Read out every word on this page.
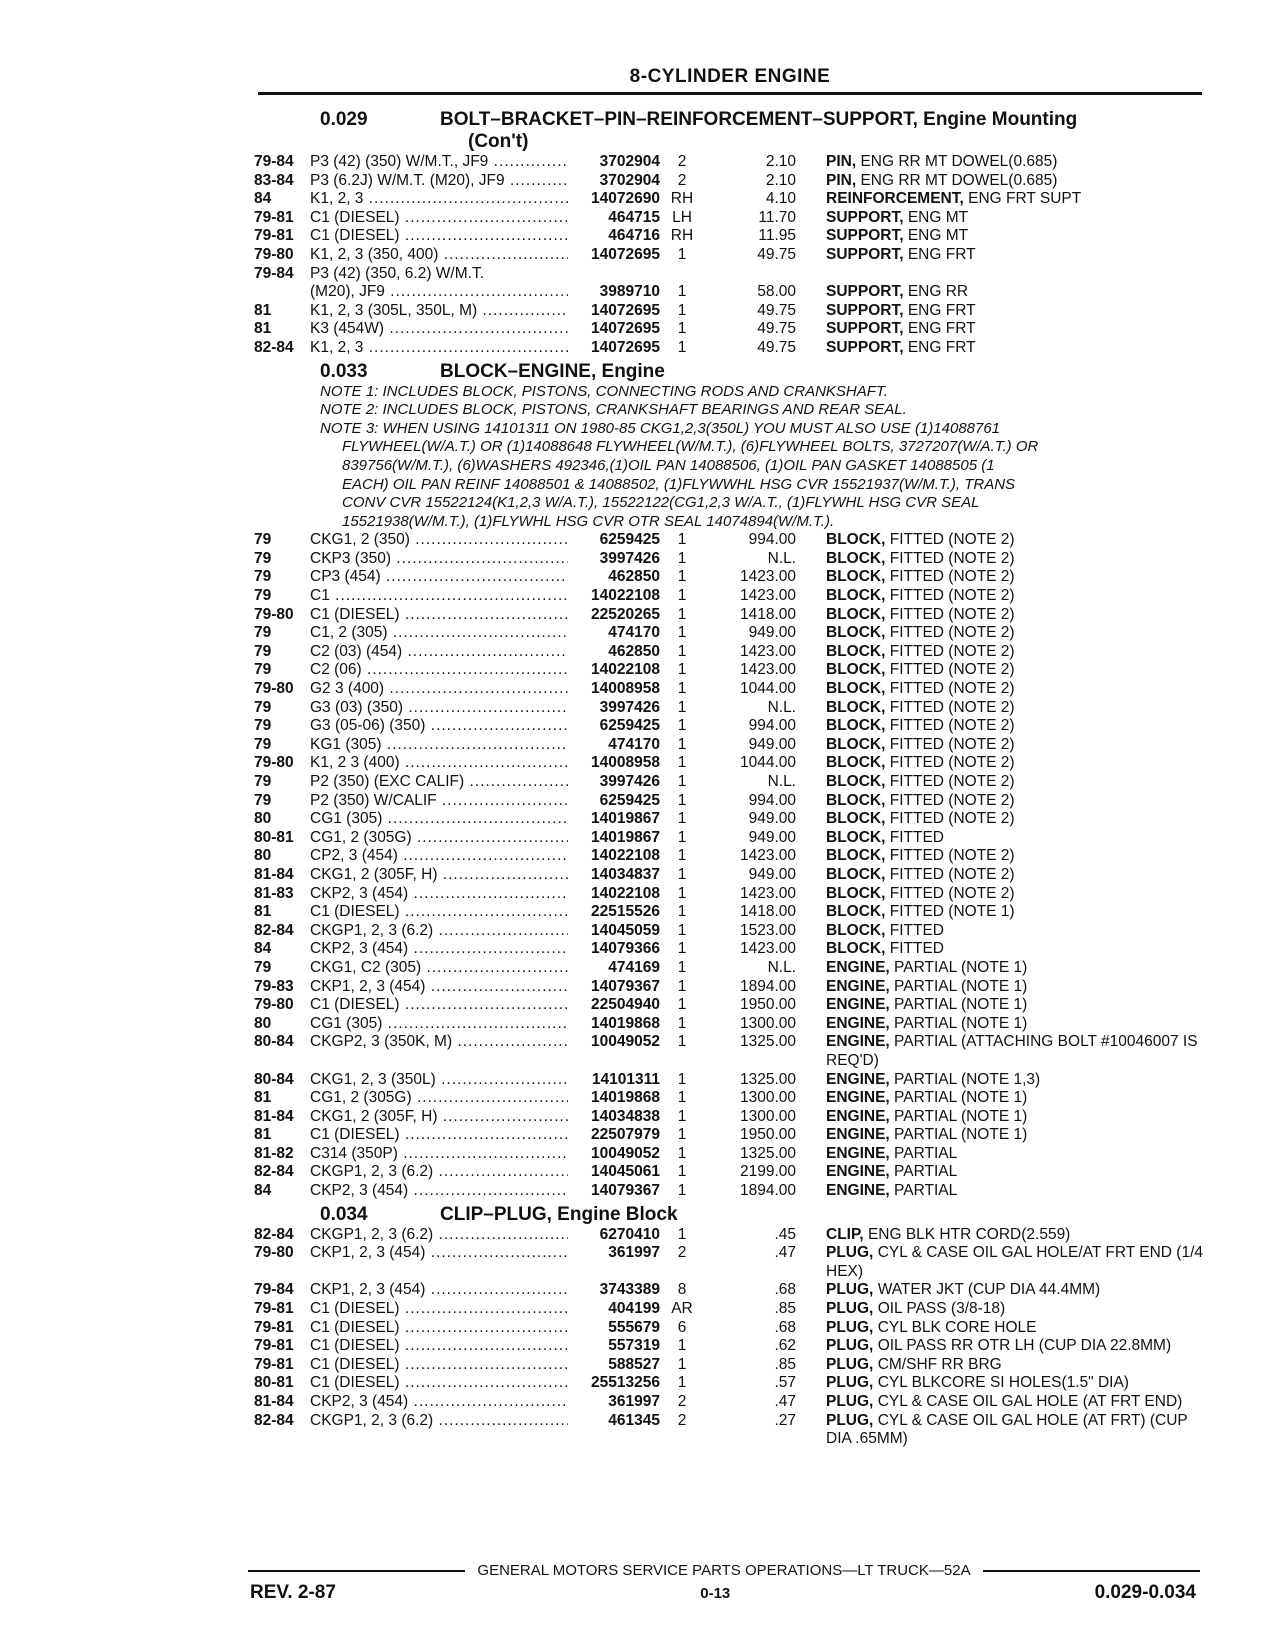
8-CYLINDER ENGINE
0.029	BOLT–BRACKET–PIN–REINFORCEMENT–SUPPORT, Engine Mounting
(Con't)
79-84	P3 (42) (350) W/M.T., JF9 .....	3702904	2	2.10	PIN, ENG RR MT DOWEL(0.685)
83-84	P3 (6.2J) W/M.T. (M20), JF9 .....	3702904	2	2.10	PIN, ENG RR MT DOWEL(0.685)
84	K1, 2, 3 .....	14072690 RH	4.10	REINFORCEMENT, ENG FRT SUPT
79-81	C1 (DIESEL) .....	464715 LH	11.70	SUPPORT, ENG MT
79-81	C1 (DIESEL) .....	464716 RH	11.95	SUPPORT, ENG MT
79-80	K1, 2, 3 (350, 400) .....	14072695	1	49.75	SUPPORT, ENG FRT
79-84	P3 (42) (350, 6.2) W/M.T.
(M20), JF9 .....	3989710	1	58.00	SUPPORT, ENG RR
81	K1, 2, 3 (305L, 350L, M) .....	14072695	1	49.75	SUPPORT, ENG FRT
81	K3 (454W) .....	14072695	1	49.75	SUPPORT, ENG FRT
82-84	K1, 2, 3 .....	14072695	1	49.75	SUPPORT, ENG FRT
0.033	BLOCK–ENGINE, Engine
NOTE 1: INCLUDES BLOCK, PISTONS, CONNECTING RODS AND CRANKSHAFT.
NOTE 2: INCLUDES BLOCK, PISTONS, CRANKSHAFT BEARINGS AND REAR SEAL.
NOTE 3: WHEN USING 14101311 ON 1980-85 CKG1,2,3(350L) YOU MUST ALSO USE (1)14088761
FLYWHEEL(W/A.T.) OR (1)14088648 FLYWHEEL(W/M.T.), (6)FLYWHEEL BOLTS, 3727207(W/A.T.) OR
839756(W/M.T.), (6)WASHERS 492346,(1)OIL PAN 14088506, (1)OIL PAN GASKET 14088505 (1
EACH) OIL PAN REINF 14088501 & 14088502, (1)FLYWWHL HSG CVR 15521937(W/M.T.), TRANS
CONV CVR 15522124(K1,2,3 W/A.T.), 15522122(CG1,2,3 W/A.T., (1)FLYWHL HSG CVR SEAL
15521938(W/M.T.), (1)FLYWHL HSG CVR OTR SEAL 14074894(W/M.T.).
79	CKG1, 2 (350) .....	6259425	1	994.00	BLOCK, FITTED (NOTE 2)
79	CKP3 (350) .....	3997426	1	N.L.	BLOCK, FITTED (NOTE 2)
79	CP3 (454) .....	462850	1	1423.00	BLOCK, FITTED (NOTE 2)
79	C1 .....	14022108	1	1423.00	BLOCK, FITTED (NOTE 2)
79-80	C1 (DIESEL) .....	22520265	1	1418.00	BLOCK, FITTED (NOTE 2)
79	C1, 2 (305) .....	474170	1	949.00	BLOCK, FITTED (NOTE 2)
79	C2 (03) (454) .....	462850	1	1423.00	BLOCK, FITTED (NOTE 2)
79	C2 (06) .....	14022108	1	1423.00	BLOCK, FITTED (NOTE 2)
79-80	G2 3 (400) .....	14008958	1	1044.00	BLOCK, FITTED (NOTE 2)
79	G3 (03) (350) .....	3997426	1	N.L.	BLOCK, FITTED (NOTE 2)
79	G3 (05-06) (350) .....	6259425	1	994.00	BLOCK, FITTED (NOTE 2)
79	KG1 (305) .....	474170	1	949.00	BLOCK, FITTED (NOTE 2)
79-80	K1, 2 3 (400) .....	14008958	1	1044.00	BLOCK, FITTED (NOTE 2)
79	P2 (350) (EXC CALIF) .....	3997426	1	N.L.	BLOCK, FITTED (NOTE 2)
79	P2 (350) W/CALIF .....	6259425	1	994.00	BLOCK, FITTED (NOTE 2)
80	CG1 (305) .....	14019867	1	949.00	BLOCK, FITTED (NOTE 2)
80-81	CG1, 2 (305G) .....	14019867	1	949.00	BLOCK, FITTED
80	CP2, 3 (454) .....	14022108	1	1423.00	BLOCK, FITTED (NOTE 2)
81-84	CKG1, 2 (305F, H) .....	14034837	1	949.00	BLOCK, FITTED (NOTE 2)
81-83	CKP2, 3 (454) .....	14022108	1	1423.00	BLOCK, FITTED (NOTE 2)
81	C1 (DIESEL) .....	22515526	1	1418.00	BLOCK, FITTED (NOTE 1)
82-84	CKGP1, 2, 3 (6.2) .....	14045059	1	1523.00	BLOCK, FITTED
84	CKP2, 3 (454) .....	14079366	1	1423.00	BLOCK, FITTED
79	CKG1, C2 (305) .....	474169	1	N.L.	ENGINE, PARTIAL (NOTE 1)
79-83	CKP1, 2, 3 (454) .....	14079367	1	1894.00	ENGINE, PARTIAL (NOTE 1)
79-80	C1 (DIESEL) .....	22504940	1	1950.00	ENGINE, PARTIAL (NOTE 1)
80	CG1 (305) .....	14019868	1	1300.00	ENGINE, PARTIAL (NOTE 1)
80-84	CKGP2, 3 (350K, M) .....	10049052	1	1325.00	ENGINE, PARTIAL (ATTACHING BOLT #10046007 IS REQ'D)
80-84	CKG1, 2, 3 (350L) .....	14101311	1	1325.00	ENGINE, PARTIAL (NOTE 1,3)
81	CG1, 2 (305G) .....	14019868	1	1300.00	ENGINE, PARTIAL (NOTE 1)
81-84	CKG1, 2 (305F, H) .....	14034838	1	1300.00	ENGINE, PARTIAL (NOTE 1)
81	C1 (DIESEL) .....	22507979	1	1950.00	ENGINE, PARTIAL (NOTE 1)
81-82	C314 (350P) .....	10049052	1	1325.00	ENGINE, PARTIAL
82-84	CKGP1, 2, 3 (6.2) .....	14045061	1	2199.00	ENGINE, PARTIAL
84	CKP2, 3 (454) .....	14079367	1	1894.00	ENGINE, PARTIAL
0.034	CLIP–PLUG, Engine Block
82-84	CKGP1, 2, 3 (6.2) .....	6270410	1	.45	CLIP, ENG BLK HTR CORD(2.559)
79-80	CKP1, 2, 3 (454) .....	361997	2	.47	PLUG, CYL & CASE OIL GAL HOLE/AT FRT END (1/4 HEX)
79-84	CKP1, 2, 3 (454) .....	3743389	8	.68	PLUG, WATER JKT (CUP DIA 44.4MM)
79-81	C1 (DIESEL) .....	404199 AR	.85	PLUG, OIL PASS (3/8-18)
79-81	C1 (DIESEL) .....	555679	6	.68	PLUG, CYL BLK CORE HOLE
79-81	C1 (DIESEL) .....	557319	1	.62	PLUG, OIL PASS RR OTR LH (CUP DIA 22.8MM)
79-81	C1 (DIESEL) .....	588527	1	.85	PLUG, CM/SHF RR BRG
80-81	C1 (DIESEL) .....	25513256	1	.57	PLUG, CYL BLKCORE SI HOLES(1.5" DIA)
81-84	CKP2, 3 (454) .....	361997	2	.47	PLUG, CYL & CASE OIL GAL HOLE (AT FRT END)
82-84	CKGP1, 2, 3 (6.2) .....	461345	2	.27	PLUG, CYL & CASE OIL GAL HOLE (AT FRT) (CUP DIA .65MM)
GENERAL MOTORS SERVICE PARTS OPERATIONS—LT TRUCK—52A
REV. 2-87	0-13	0.029-0.034
